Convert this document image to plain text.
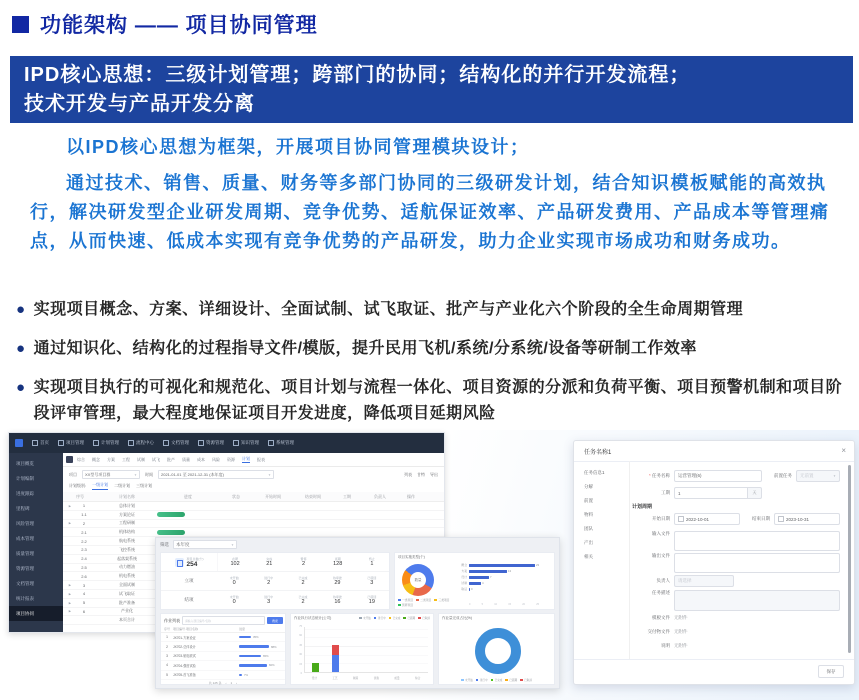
功能架构 —— 项目协同管理
IPD核心思想：三级计划管理；跨部门的协同；结构化的并行开发流程；
技术开发与产品开发分离

以IPD核心思想为框架，开展项目协同管理模块设计；

通过技术、销售、质量、财务等多部门协同的三级研发计划，结合知识模板赋能的高效执行，解决研发型企业研发周期、竞争优势、适航保证效率、产品研发费用、产品成本等管理痛点，从而快速、低成本实现有竞争优势的产品研发，助力企业实现市场成功和财务成功。

● 实现项目概念、方案、详细设计、全面试制、试飞取证、批产与产业化六个阶段的全生命周期管理
● 通过知识化、结构化的过程指导文件/模版，提升民用飞机/系统/分系统/设备等研制工作效率
● 实现项目执行的可视化和规范化、项目计划与流程一体化、项目资源的分派和负荷平衡、项目预警机制和项目阶段评审管理，最大程度地保证项目开发进度，降低项目延期风险
首页	项目管理	计划管理	流程中心	文档管理	资源管理	知识管理	系统管理
项目概览
计划编制
进度跟踪
里程碑
风险管理
成本管理
质量管理
资源管理
文档管理
统计报表
项目协同
综合 概念 方案 工程 试制 试飞 批产 质量 成本 风险 资源 计划 报表
项目 XX型号项目群	▼ 时间 2021-01-01 至 2021-12-31 (本年度)	▼	列表 甘特 导出
计划级别: 一级计划 二级计划 三级计划
序号	计划名称	进度	状态	开始时间	结束时间	工期	负责人	操作
▶	1	总体计划
1.1	方案论证
▶	2	工程研制
2.1	机体结构
2.2	航电系统
2.3	飞控系统
2.4	起落架系统
2.5	动力燃油
2.6	机电系统
▶	3	全面试制
▶	4	试飞取证
▶	5	批产准备
▶	6	产业化
本页合计
筛选 本年度	▼
项目总数(个)
254
在研
102
完成
21
暂停
2
延期
128
终止
1
立项
未开始
0
进行中
2
已完成
2
待审批
29
已驳回
3
结项
未开始
0
进行中
3
已完成
2
待审批
16
已驳回
19
项目实施类型(个)
数量
一类项目	二类项目	三类项目
预研项目
概念	23
方案	13
设计	7
试制	4
取证 0
0	5	10	15	20	25
作业列表	请输入项目编号/名称	搜索
序号	项目编号·项目名称	进度
1	JX701-方案论证	35%
2	JX702-总体设计	88%
3	JX703-航电联试	65%
4	JX704-强度试验	82%
5	JX705-首飞准备	7%
共 125 条 ‹ 1 ›
作业执行状态统计(公司)	未开始	进行中	已完成	已超期	已取消
75
60
45
30
15
0
设计	工艺	制造	试验	质量	综合
作业量完成占比(%)
未开始	进行中	已完成	已超期	已取消
任务名称1	×
任务信息1
分解
前置
物料
团队
产出
相关
* 任务名称	运营管理(6)	前置任务 无前置	▼
工期	1	天
计划周期
开始日期	2022-10-01	结束日期	2023-10-31
输入文件
输出文件
负责人	请选择
任务描述
模板文件 无附件
交付物文件 无附件
说明 无附件
保存
